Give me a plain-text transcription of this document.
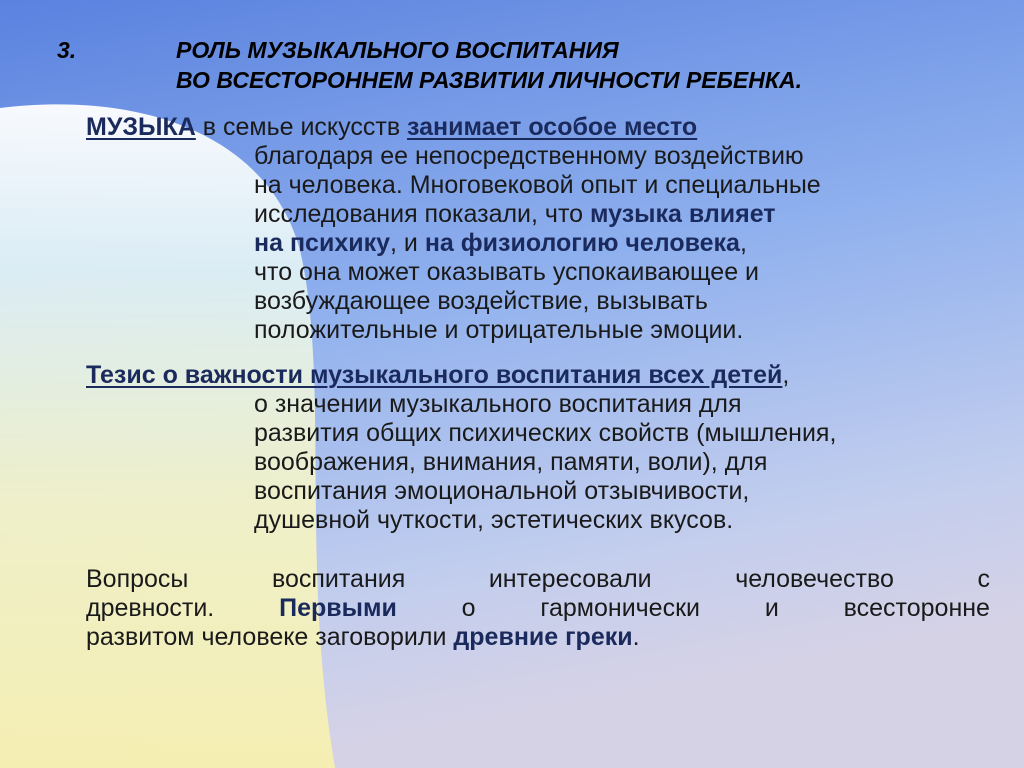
3.	РОЛЬ МУЗЫКАЛЬНОГО ВОСПИТАНИЯ
ВО ВСЕСТОРОННЕМ РАЗВИТИИ ЛИЧНОСТИ РЕБЕНКА.
МУЗЫКА в семье искусств занимает особое место
благодаря ее непосредственному воздействию
на человека. Многовековой опыт и специальные
исследования показали, что музыка влияет
на психику, и на физиологию человека,
что она может оказывать успокаивающее и
возбуждающее воздействие, вызывать
положительные и отрицательные эмоции.
Тезис о важности музыкального воспитания всех детей,
о значении музыкального воспитания для
развития общих психических свойств (мышления,
воображения, внимания, памяти, воли), для
воспитания эмоциональной отзывчивости,
душевной чуткости, эстетических вкусов.
Вопросы	воспитания	интересовали	человечество	с
древности.	Первыми	о	гармонически	и	всесторонне
развитом человеке заговорили древние греки.
